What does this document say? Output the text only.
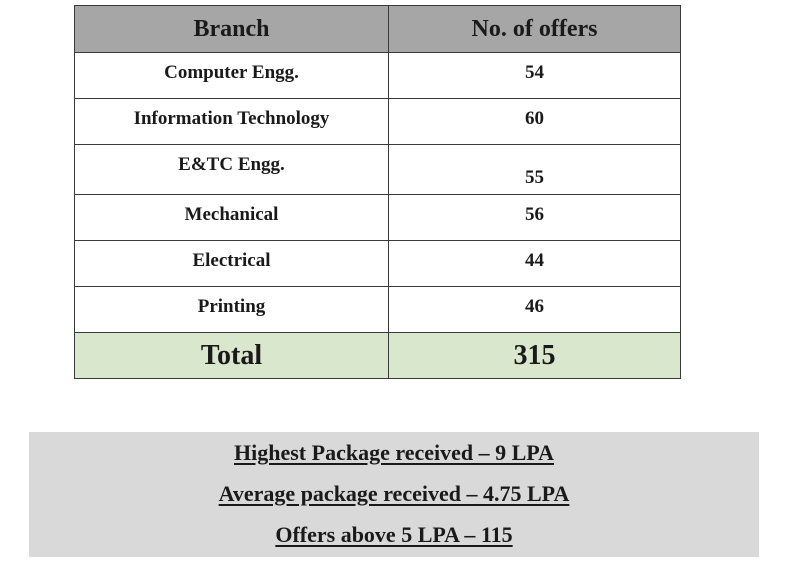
Branch	No. of offers
Computer Engg.	54
Information Technology	60
E&TC Engg.	55
Mechanical	56
Electrical	44
Printing	46
Total	315
Highest Package received – 9 LPA
Average package received – 4.75 LPA
Offers above 5 LPA – 115
